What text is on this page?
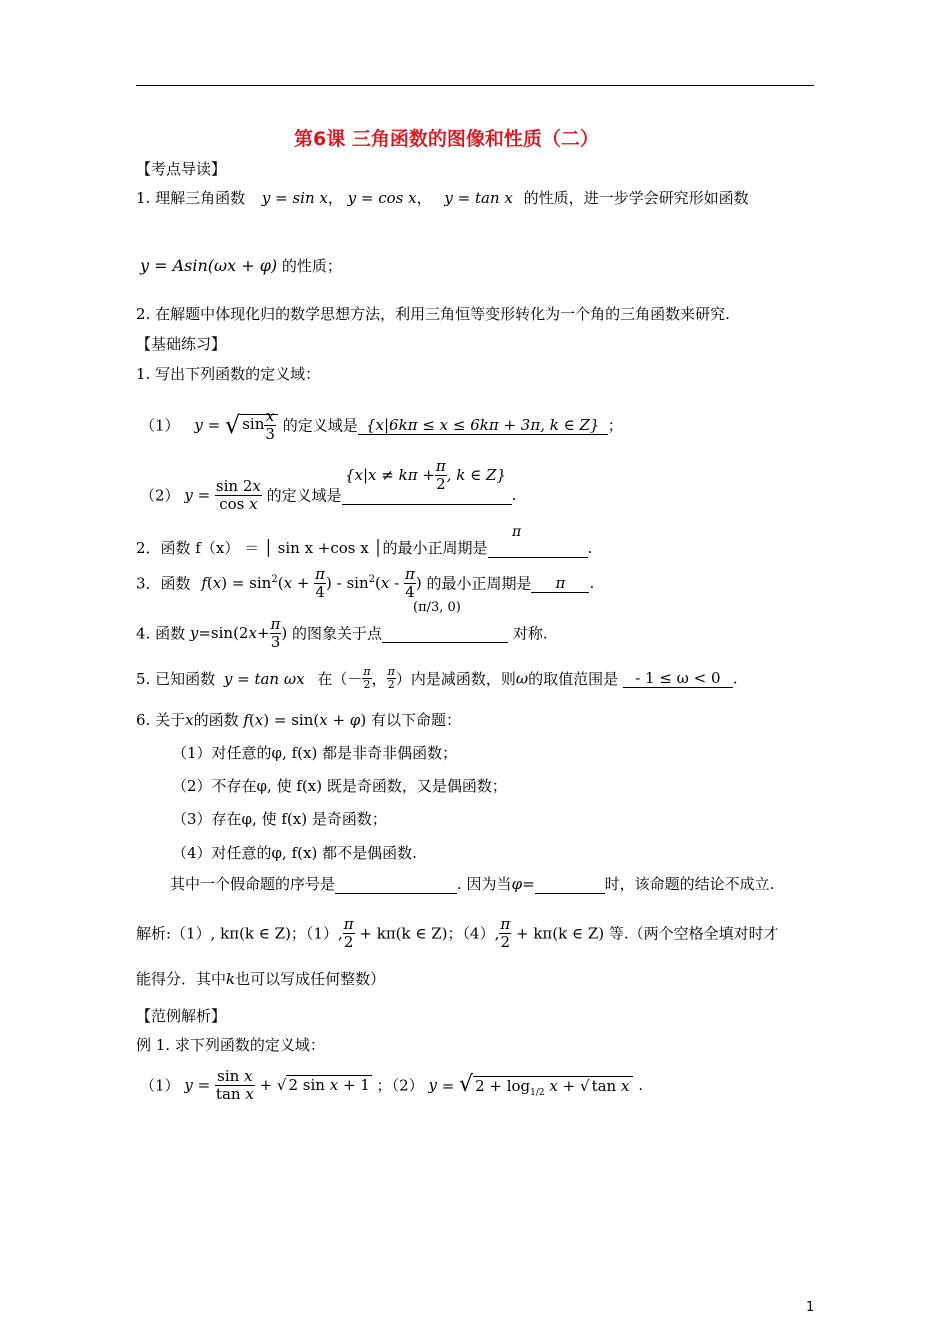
第6课 三角函数的图像和性质（二）
【考点导读】
1. 理解三角函数 y = sin x， y = cos x， y = tan x 的性质，进一步学会研究形如函数
y = Asin(ωx + φ) 的性质；
2. 在解题中体现化归的数学思想方法，利用三角恒等变形转化为一个角的三角函数来研究.
【基础练习】
1. 写出下列函数的定义域：
（1） y = √ $\sin \frac{x}{3}$ 的定义域是 {x|6kπ ≤ x ≤ 6kπ + 3π, k ∈ Z} ；
（2） $y = \frac{\sin 2x}{\text{cos x}}$ 的定义域是	.
{$x|x \ne k\pi + \frac{\pi}{2}$ , k ∈ Z}
2．函数 f（x） ＝ │ sin x +cos x │的最小正周期是	.
π
3．函数 $f(x) = \sin^2(x + \frac{\pi}{4}$ ) - $\sin^2(x - \frac{\pi}{4}$ ) 的最小正周期是 π .
4. 函数 $y=\sin(2x+ \frac{\pi}{3}$ ) 的图象关于点	对称.
(π/3, 0)
5. 已知函数 y = tan ωx 在（－ $\frac{\pi}{2}$ ， $\frac{\pi}{2}$ ）内是减函数，则ω的取值范围是 - 1 ≤ ω < 0 .
6. 关于x的函数 f(x) = sin(x + φ) 有以下命题：
（1）对任意的φ, f(x) 都是非奇非偶函数；
（2）不存在φ, 使 f(x) 既是奇函数，又是偶函数；
（3）存在φ, 使 f(x) 是奇函数；
（4）对任意的φ, f(x) 都不是偶函数.
其中一个假命题的序号是	. 因为当φ=	时，该命题的结论不成立.
解析:（1）, kπ(k ∈ Z)；（1）, $\frac{\pi}{2} + k\pi(k$ ∈ Z)；（4）, $\frac{\pi}{2} + k\pi(k$ ∈ Z) 等.（两个空格全填对时才
能得分．其中k也可以写成任何整数）
【范例解析】
例 1. 求下列函数的定义域：
（1） $y = \frac{\text{sin x}}{\text{tan x}}$ + √ 2 sin x + 1 ；（2） y = √ $2 + \log_{1/2} x$ + √ tan x .
1
